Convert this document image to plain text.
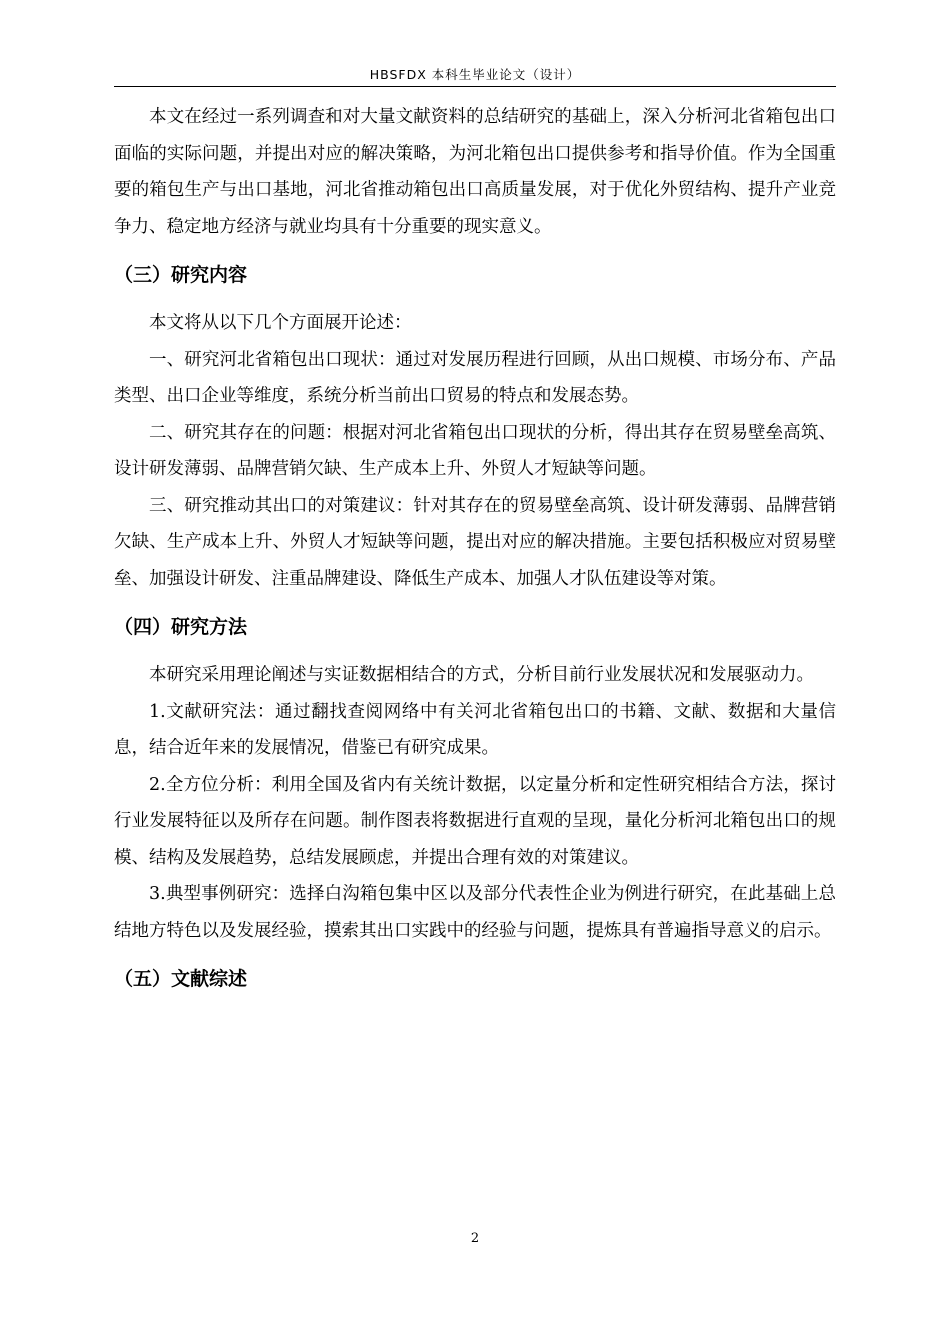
HBSFDX 本科生毕业论文（设计）

本文在经过一系列调查和对大量文献资料的总结研究的基础上，深入分析河北省箱包出口面临的实际问题，并提出对应的解决策略，为河北箱包出口提供参考和指导价值。作为全国重要的箱包生产与出口基地，河北省推动箱包出口高质量发展，对于优化外贸结构、提升产业竞争力、稳定地方经济与就业均具有十分重要的现实意义。

（三）研究内容

本文将从以下几个方面展开论述：

一、研究河北省箱包出口现状：通过对发展历程进行回顾，从出口规模、市场分布、产品类型、出口企业等维度，系统分析当前出口贸易的特点和发展态势。

二、研究其存在的问题：根据对河北省箱包出口现状的分析，得出其存在贸易壁垒高筑、设计研发薄弱、品牌营销欠缺、生产成本上升、外贸人才短缺等问题。

三、研究推动其出口的对策建议：针对其存在的贸易壁垒高筑、设计研发薄弱、品牌营销欠缺、生产成本上升、外贸人才短缺等问题，提出对应的解决措施。主要包括积极应对贸易壁垒、加强设计研发、注重品牌建设、降低生产成本、加强人才队伍建设等对策。

（四）研究方法

本研究采用理论阐述与实证数据相结合的方式，分析目前行业发展状况和发展驱动力。

1.文献研究法：通过翻找查阅网络中有关河北省箱包出口的书籍、文献、数据和大量信息，结合近年来的发展情况，借鉴已有研究成果。

2.全方位分析：利用全国及省内有关统计数据，以定量分析和定性研究相结合方法，探讨行业发展特征以及所存在问题。制作图表将数据进行直观的呈现，量化分析河北箱包出口的规模、结构及发展趋势，总结发展顾虑，并提出合理有效的对策建议。

3.典型事例研究：选择白沟箱包集中区以及部分代表性企业为例进行研究，在此基础上总结地方特色以及发展经验，摸索其出口实践中的经验与问题，提炼具有普遍指导意义的启示。

（五）文献综述
2
